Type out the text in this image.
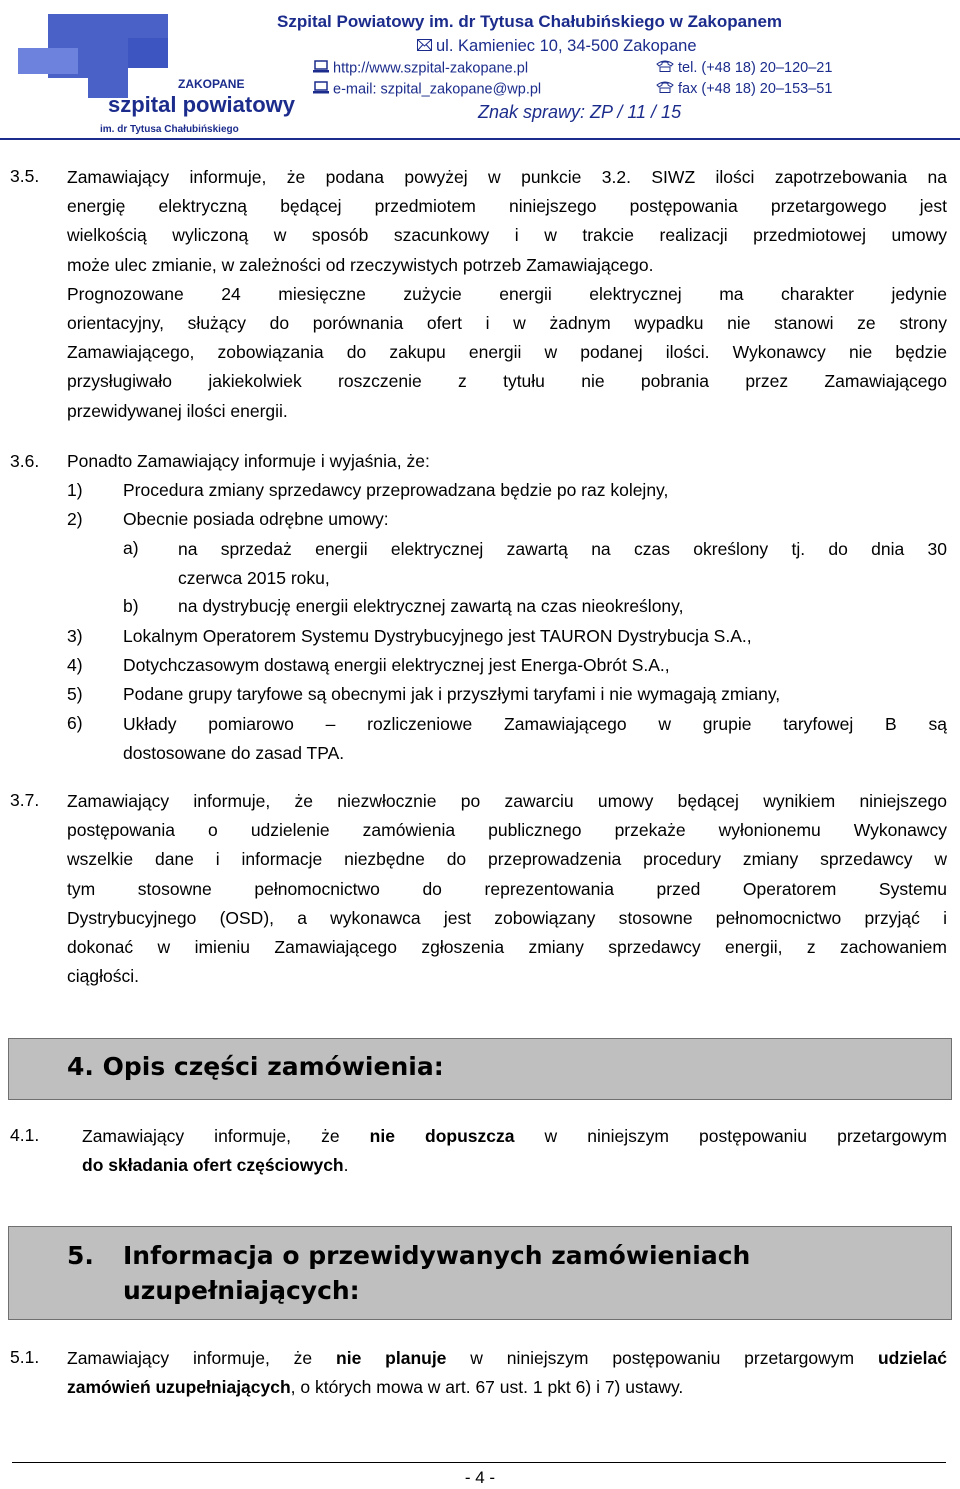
ZAKOPANE
szpital powiatowy
im. dr Tytusa Chałubińskiego
Szpital Powiatowy im. dr Tytusa Chałubińskiego w Zakopanem
ul. Kamieniec 10, 34-500 Zakopane
http://www.szpital-zakopane.pl	tel. (+48 18) 20–120–21
e-mail: szpital_zakopane@wp.pl	fax (+48 18) 20–153–51
Znak sprawy: ZP / 11 / 15
3.5. Zamawiający informuje, że podana powyżej w punkcie 3.2. SIWZ ilości zapotrzebowania na
energię elektryczną będącej przedmiotem niniejszego postępowania przetargowego jest
wielkością wyliczoną w sposób szacunkowy i w trakcie realizacji przedmiotowej umowy
może ulec zmianie, w zależności od rzeczywistych potrzeb Zamawiającego.
Prognozowane 24 miesięczne zużycie energii elektrycznej ma charakter jedynie
orientacyjny, służący do porównania ofert i w żadnym wypadku nie stanowi ze strony
Zamawiającego, zobowiązania do zakupu energii w podanej ilości. Wykonawcy nie będzie
przysługiwało jakiekolwiek roszczenie z tytułu nie pobrania przez Zamawiającego
przewidywanej ilości energii.
3.6. Ponadto Zamawiający informuje i wyjaśnia, że:
1) Procedura zmiany sprzedawcy przeprowadzana będzie po raz kolejny,
2) Obecnie posiada odrębne umowy:
a) na sprzedaż energii elektrycznej zawartą na czas określony tj. do dnia 30
czerwca 2015 roku,
b) na dystrybucję energii elektrycznej zawartą na czas nieokreślony,
3) Lokalnym Operatorem Systemu Dystrybucyjnego jest TAURON Dystrybucja S.A.,
4) Dotychczasowym dostawą energii elektrycznej jest Energa-Obrót S.A.,
5) Podane grupy taryfowe są obecnymi jak i przyszłymi taryfami i nie wymagają zmiany,
6) Układy pomiarowo – rozliczeniowe Zamawiającego w grupie taryfowej B są
dostosowane do zasad TPA.
3.7. Zamawiający informuje, że niezwłocznie po zawarciu umowy będącej wynikiem niniejszego
postępowania o udzielenie zamówienia publicznego przekaże wyłonionemu Wykonawcy
wszelkie dane i informacje niezbędne do przeprowadzenia procedury zmiany sprzedawcy w
tym stosowne pełnomocnictwo do reprezentowania przed Operatorem Systemu
Dystrybucyjnego (OSD), a wykonawca jest zobowiązany stosowne pełnomocnictwo przyjąć i
dokonać w imieniu Zamawiającego zgłoszenia zmiany sprzedawcy energii, z zachowaniem
ciągłości.
4. Opis części zamówienia:
4.1. Zamawiający informuje, że nie dopuszcza w niniejszym postępowaniu przetargowym
do składania ofert częściowych.
5. Informacja o przewidywanych zamówieniach
uzupełniających:
5.1. Zamawiający informuje, że nie planuje w niniejszym postępowaniu przetargowym udzielać
zamówień uzupełniających, o których mowa w art. 67 ust. 1 pkt 6) i 7) ustawy.
- 4 -
